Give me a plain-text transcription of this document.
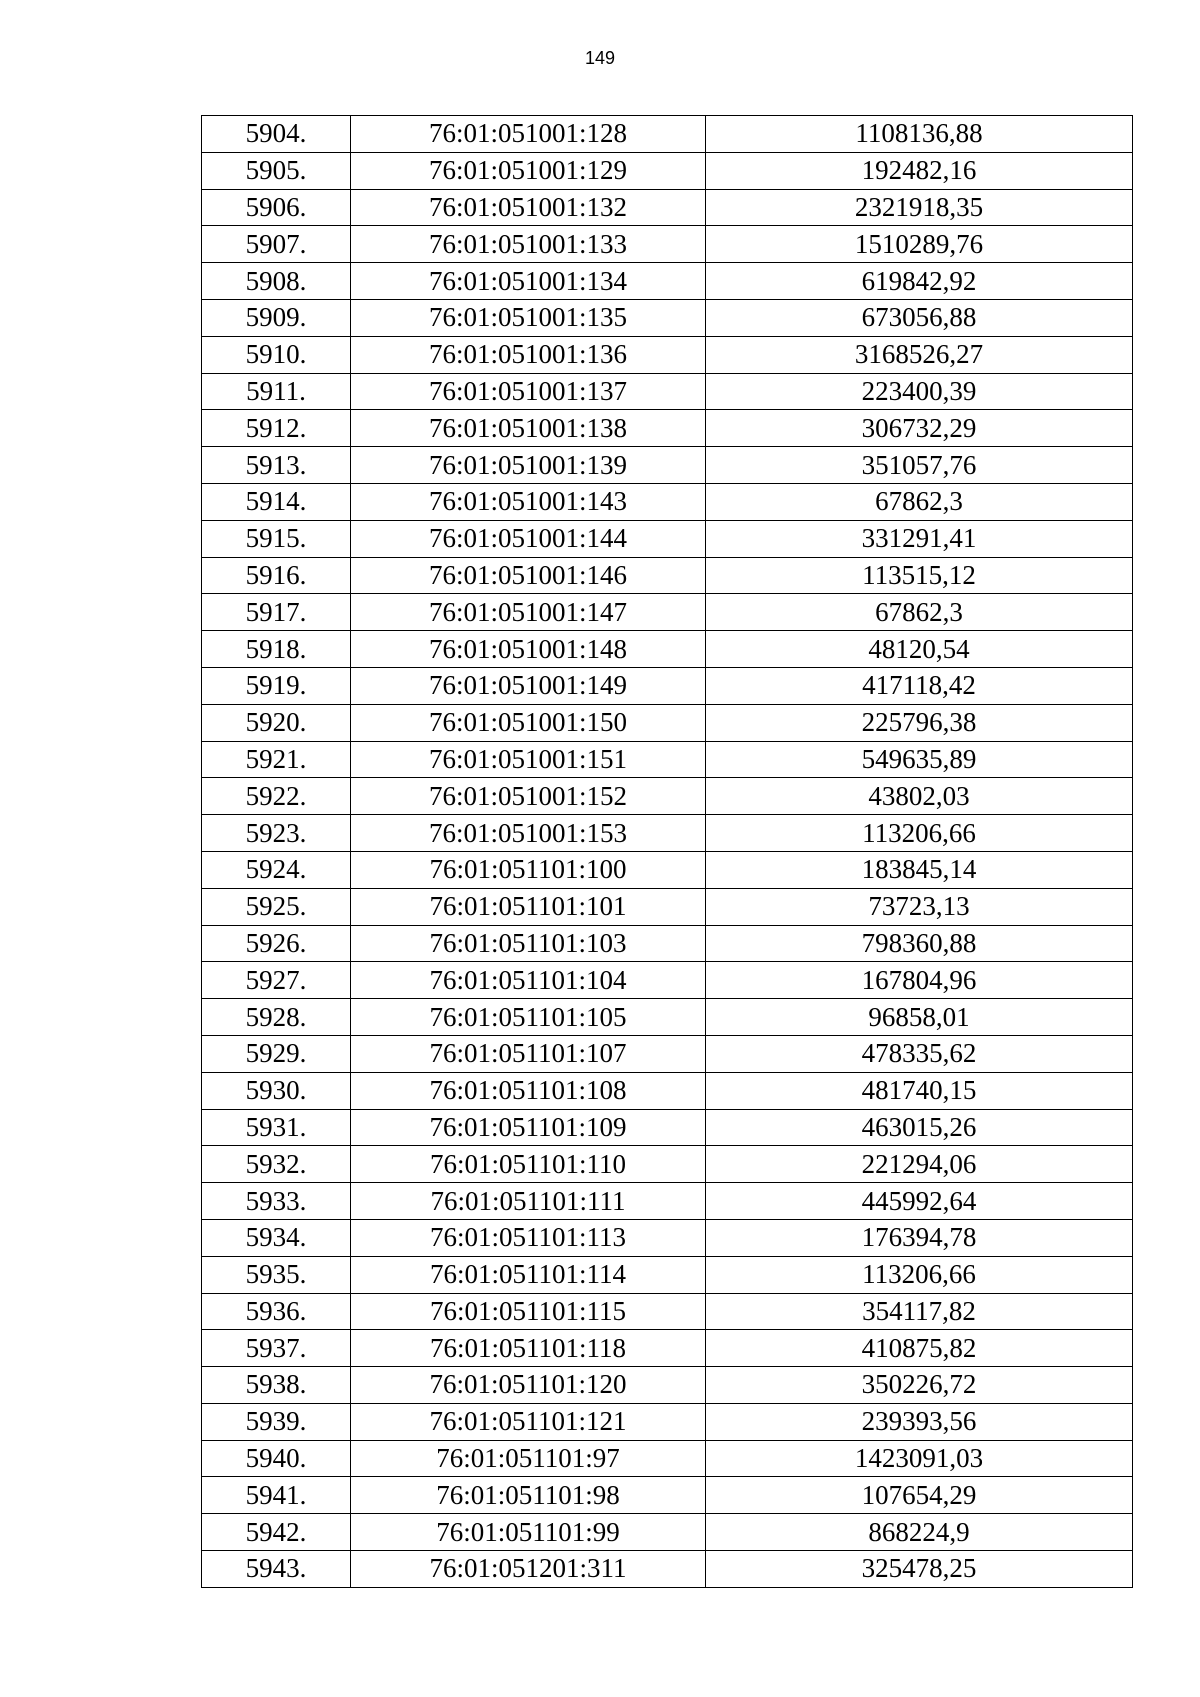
149
5904.	76:01:051001:128	1108136,88
5905.	76:01:051001:129	192482,16
5906.	76:01:051001:132	2321918,35
5907.	76:01:051001:133	1510289,76
5908.	76:01:051001:134	619842,92
5909.	76:01:051001:135	673056,88
5910.	76:01:051001:136	3168526,27
5911.	76:01:051001:137	223400,39
5912.	76:01:051001:138	306732,29
5913.	76:01:051001:139	351057,76
5914.	76:01:051001:143	67862,3
5915.	76:01:051001:144	331291,41
5916.	76:01:051001:146	113515,12
5917.	76:01:051001:147	67862,3
5918.	76:01:051001:148	48120,54
5919.	76:01:051001:149	417118,42
5920.	76:01:051001:150	225796,38
5921.	76:01:051001:151	549635,89
5922.	76:01:051001:152	43802,03
5923.	76:01:051001:153	113206,66
5924.	76:01:051101:100	183845,14
5925.	76:01:051101:101	73723,13
5926.	76:01:051101:103	798360,88
5927.	76:01:051101:104	167804,96
5928.	76:01:051101:105	96858,01
5929.	76:01:051101:107	478335,62
5930.	76:01:051101:108	481740,15
5931.	76:01:051101:109	463015,26
5932.	76:01:051101:110	221294,06
5933.	76:01:051101:111	445992,64
5934.	76:01:051101:113	176394,78
5935.	76:01:051101:114	113206,66
5936.	76:01:051101:115	354117,82
5937.	76:01:051101:118	410875,82
5938.	76:01:051101:120	350226,72
5939.	76:01:051101:121	239393,56
5940.	76:01:051101:97	1423091,03
5941.	76:01:051101:98	107654,29
5942.	76:01:051101:99	868224,9
5943.	76:01:051201:311	325478,25
